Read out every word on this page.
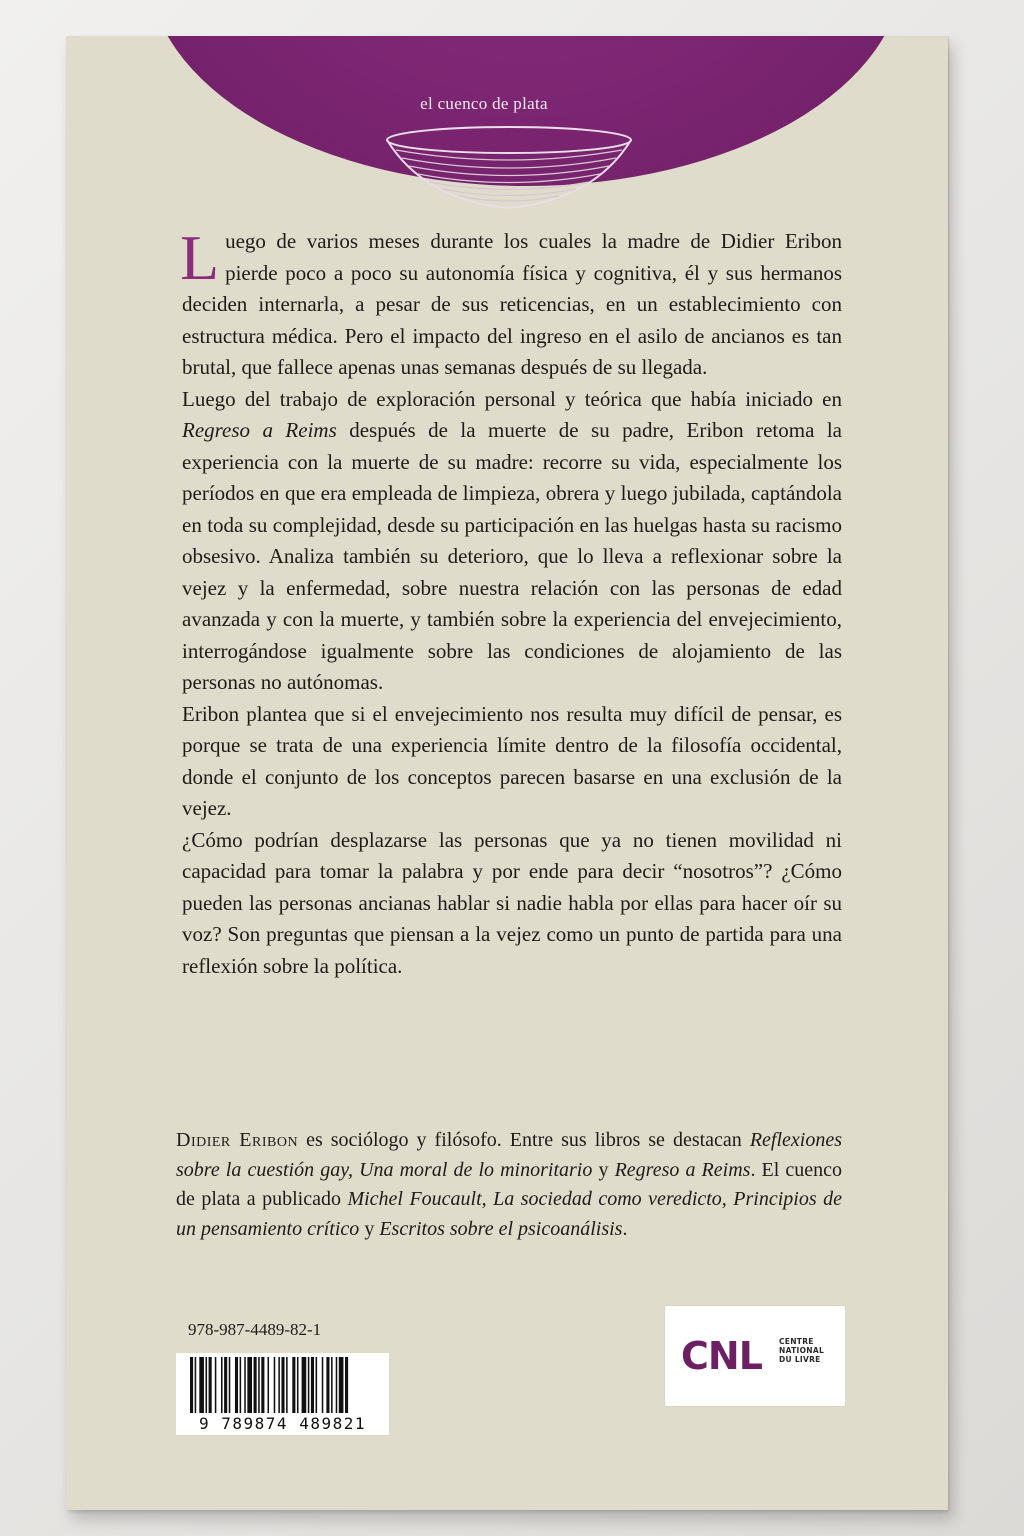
el cuenco de plata

Luego de varios meses durante los cuales la madre de Didier Eribon pierde poco a poco su autonomía física y cognitiva, él y sus hermanos deciden internarla, a pesar de sus reticencias, en un establecimiento con estructura médica. Pero el impacto del ingreso en el asilo de ancianos es tan brutal, que fallece apenas unas semanas después de su llegada.

Luego del trabajo de exploración personal y teórica que había iniciado en Regreso a Reims después de la muerte de su padre, Eribon retoma la experiencia con la muerte de su madre: recorre su vida, especialmente los períodos en que era empleada de limpieza, obrera y luego jubilada, captándola en toda su complejidad, desde su participación en las huelgas hasta su racismo obsesivo. Analiza también su deterioro, que lo lleva a reflexionar sobre la vejez y la enfermedad, sobre nuestra relación con las personas de edad avanzada y con la muerte, y también sobre la experiencia del envejecimiento, interrogándose igualmente sobre las condiciones de alojamiento de las personas no autónomas.

Eribon plantea que si el envejecimiento nos resulta muy difícil de pensar, es porque se trata de una experiencia límite dentro de la filosofía occidental, donde el conjunto de los conceptos parecen basarse en una exclusión de la vejez.

¿Cómo podrían desplazarse las personas que ya no tienen movilidad ni capacidad para tomar la palabra y por ende para decir “nosotros”? ¿Cómo pueden las personas ancianas hablar si nadie habla por ellas para hacer oír su voz? Son preguntas que piensan a la vejez como un punto de partida para una reflexión sobre la política.

Didier Eribon es sociólogo y filósofo. Entre sus libros se destacan Reflexiones sobre la cuestión gay, Una moral de lo minoritario y Regreso a Reims. El cuenco de plata a publicado Michel Foucault, La sociedad como veredicto, Principios de un pensamiento crítico y Escritos sobre el psicoanálisis.
978-987-4489-82-1
9 789874 489821
CNL CENTRE
NATIONAL
DU LIVRE
